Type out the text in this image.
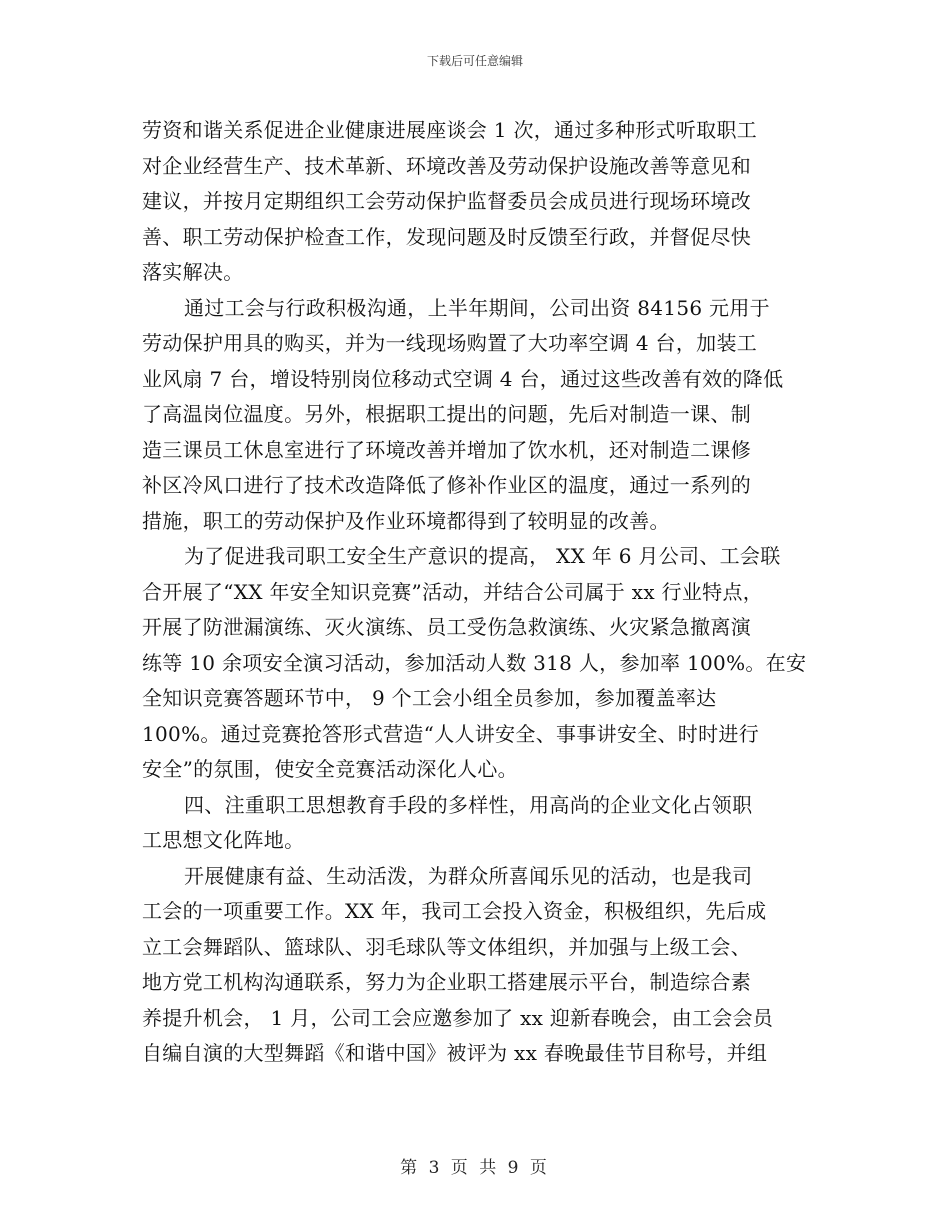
下载后可任意编辑
劳资和谐关系促进企业健康进展座谈会 1 次，通过多种形式听取职工
对企业经营生产、技术革新、环境改善及劳动保护设施改善等意见和
建议，并按月定期组织工会劳动保护监督委员会成员进行现场环境改
善、职工劳动保护检查工作，发现问题及时反馈至行政，并督促尽快
落实解决。
通过工会与行政积极沟通，上半年期间，公司出资 84156 元用于
劳动保护用具的购买，并为一线现场购置了大功率空调 4 台，加装工
业风扇 7 台，增设特别岗位移动式空调 4 台，通过这些改善有效的降低
了高温岗位温度。另外，根据职工提出的问题，先后对制造一课、制
造三课员工休息室进行了环境改善并增加了饮水机，还对制造二课修
补区冷风口进行了技术改造降低了修补作业区的温度，通过一系列的
措施，职工的劳动保护及作业环境都得到了较明显的改善。
为了促进我司职工安全生产意识的提高， XX 年 6 月公司、工会联
合开展了“XX 年安全知识竞赛”活动，并结合公司属于 xx 行业特点，
开展了防泄漏演练、灭火演练、员工受伤急救演练、火灾紧急撤离演
练等 10 余项安全演习活动，参加活动人数 318 人，参加率 100%。在安
全知识竞赛答题环节中， 9 个工会小组全员参加，参加覆盖率达
100%。通过竞赛抢答形式营造“人人讲安全、事事讲安全、时时进行
安全”的氛围，使安全竞赛活动深化人心。
四、注重职工思想教育手段的多样性，用高尚的企业文化占领职
工思想文化阵地。
开展健康有益、生动活泼，为群众所喜闻乐见的活动，也是我司
工会的一项重要工作。XX 年，我司工会投入资金，积极组织，先后成
立工会舞蹈队、篮球队、羽毛球队等文体组织，并加强与上级工会、
地方党工机构沟通联系，努力为企业职工搭建展示平台，制造综合素
养提升机会， 1 月，公司工会应邀参加了 xx 迎新春晚会，由工会会员
自编自演的大型舞蹈《和谐中国》被评为 xx 春晚最佳节目称号，并组
第 3 页 共 9 页
